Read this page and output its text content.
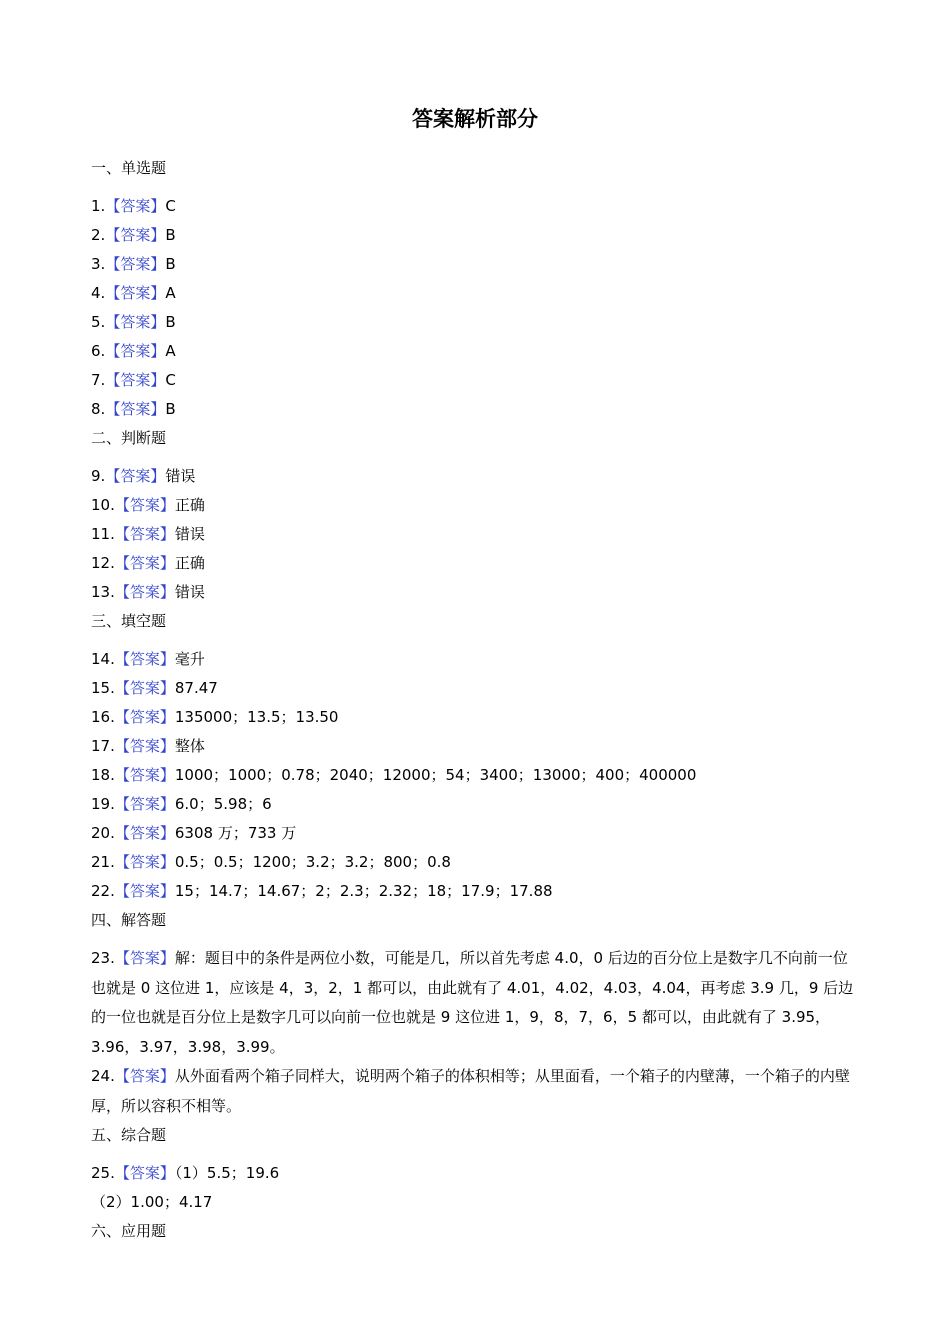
答案解析部分
一、单选题
1.【答案】C
2.【答案】B
3.【答案】B
4.【答案】A
5.【答案】B
6.【答案】A
7.【答案】C
8.【答案】B
二、判断题
9.【答案】错误
10.【答案】正确
11.【答案】错误
12.【答案】正确
13.【答案】错误
三、填空题
14.【答案】毫升
15.【答案】87.47
16.【答案】135000；13.5；13.50
17.【答案】整体
18.【答案】1000；1000；0.78；2040；12000；54；3400；13000；400；400000
19.【答案】6.0；5.98；6
20.【答案】6308 万；733 万
21.【答案】0.5；0.5；1200；3.2；3.2；800；0.8
22.【答案】15；14.7；14.67；2；2.3；2.32；18；17.9；17.88
四、解答题
23.【答案】解：题目中的条件是两位小数，可能是几，所以首先考虑 4.0，0 后边的百分位上是数字几不向前一位也就是 0 这位进 1，应该是 4，3，2，1 都可以，由此就有了 4.01，4.02，4.03，4.04，再考虑 3.9 几，9 后边的一位也就是百分位上是数字几可以向前一位也就是 9 这位进 1，9，8，7，6，5 都可以，由此就有了 3.95，3.96，3.97，3.98，3.99。
24.【答案】从外面看两个箱子同样大，说明两个箱子的体积相等；从里面看，一个箱子的内壁薄，一个箱子的内壁厚，所以容积不相等。
五、综合题
25.【答案】（1）5.5；19.6
（2）1.00；4.17
六、应用题
